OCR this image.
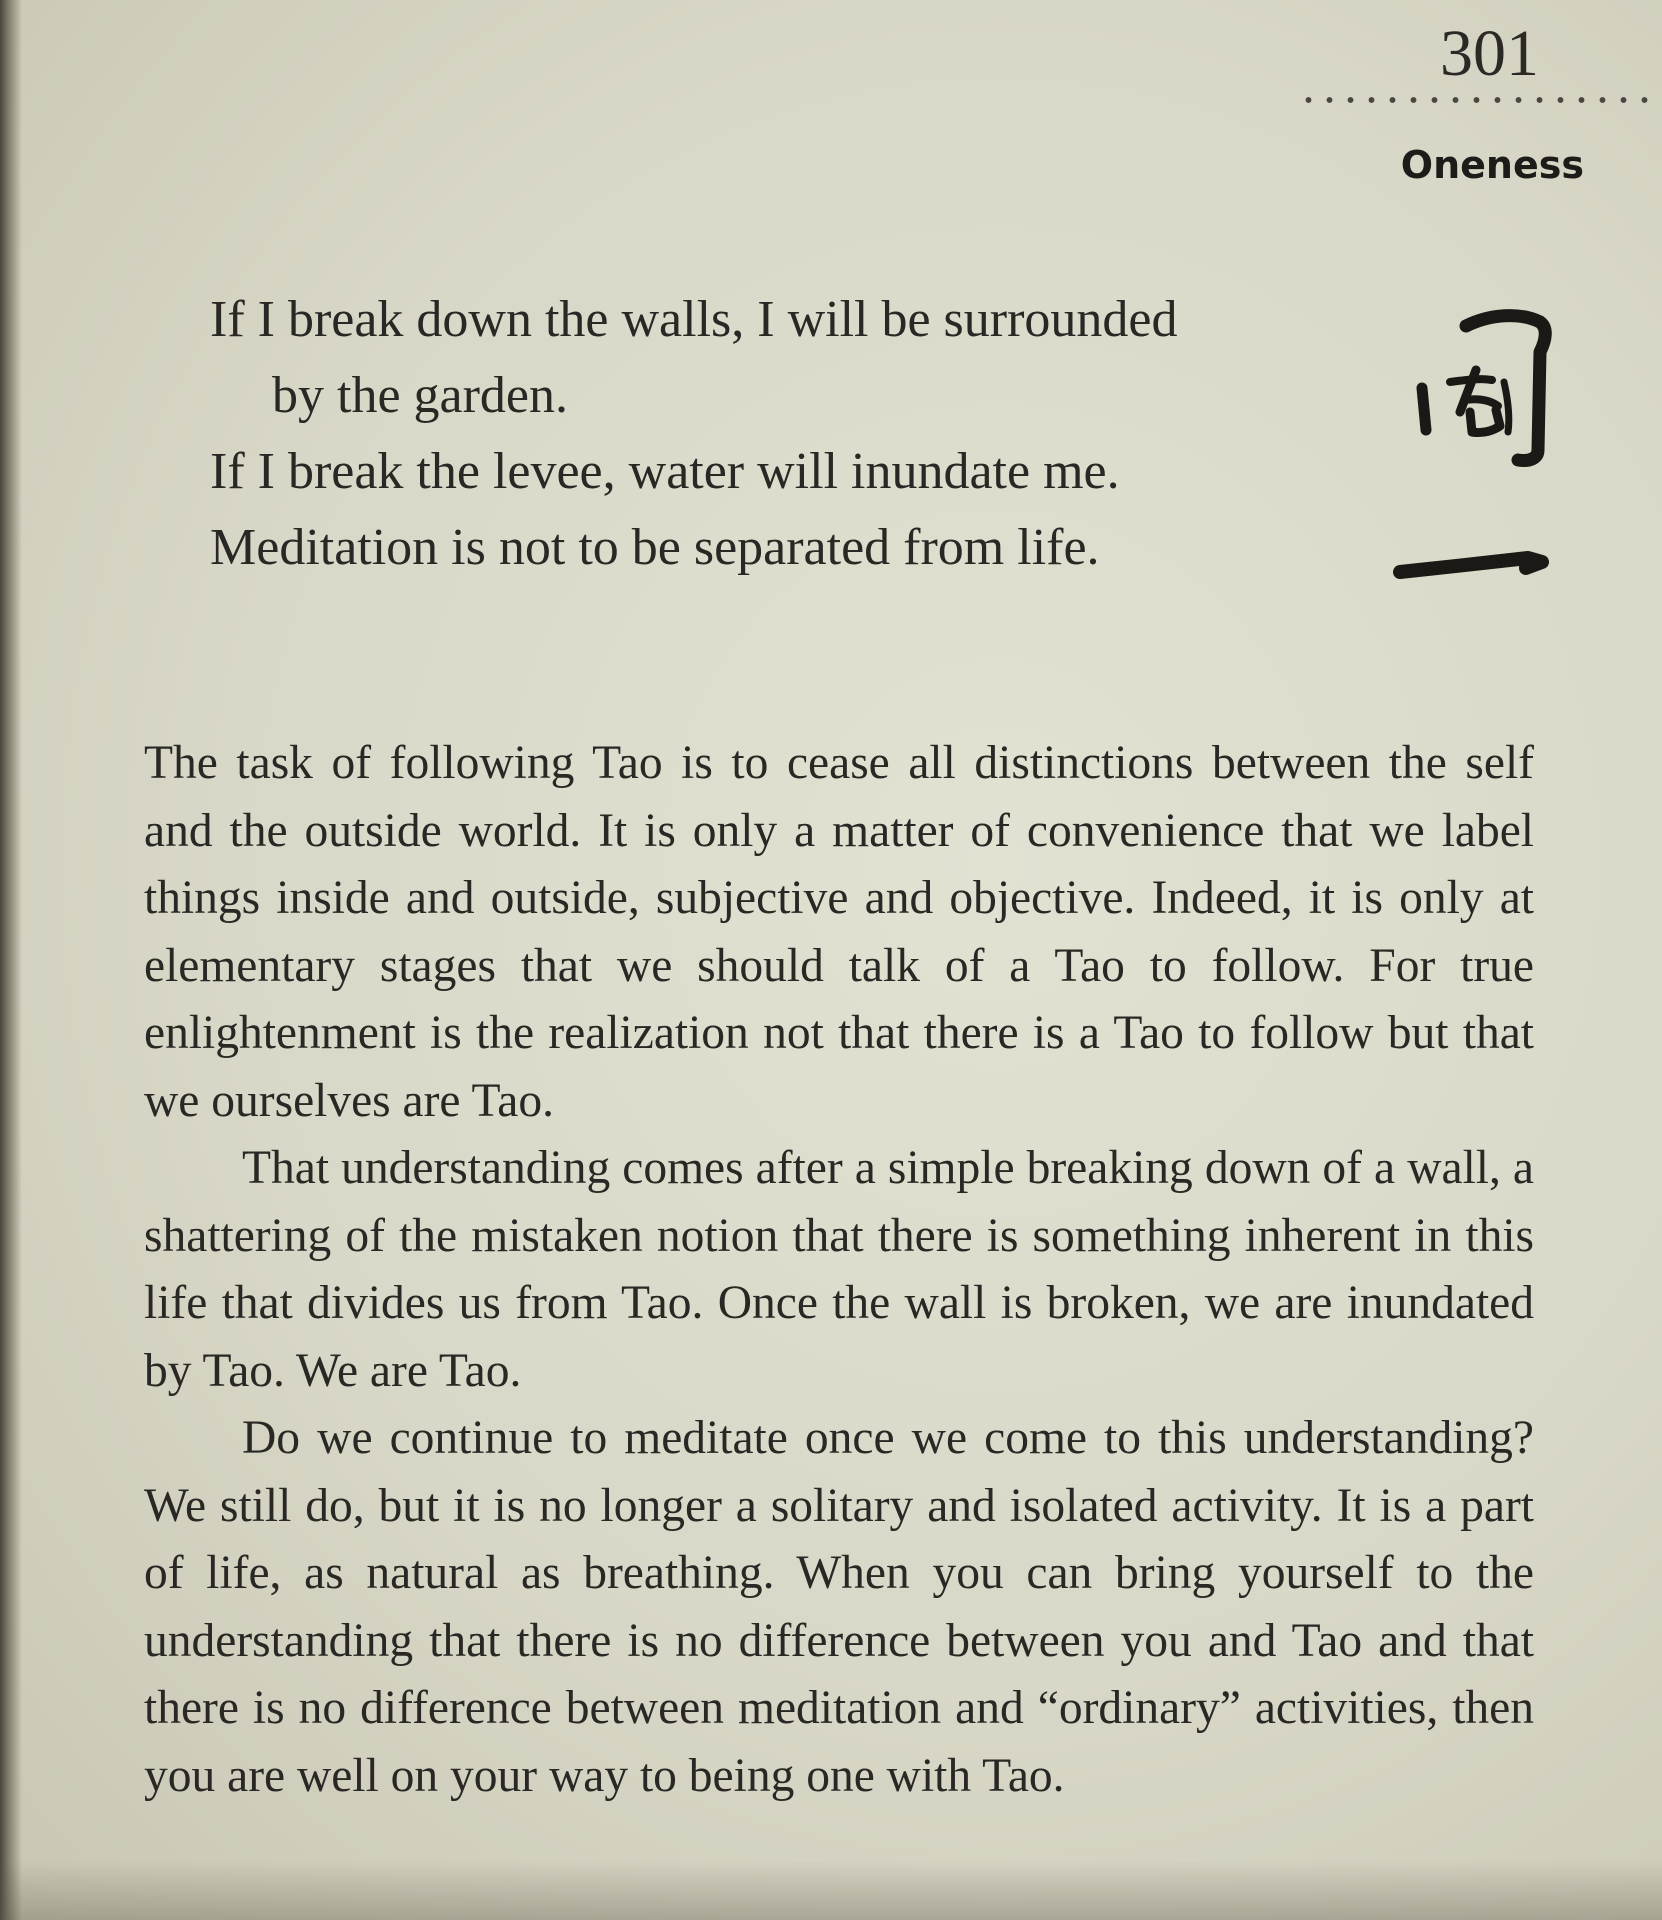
301
Oneness
If I break down the walls, I will be surrounded
by the garden.
If I break the levee, water will inundate me.
Meditation is not to be separated from life.

The task of following Tao is to cease all distinctions between the self and the outside world. It is only a matter of convenience that we label things inside and outside, subjective and objective. Indeed, it is only at elementary stages that we should talk of a Tao to follow. For true enlightenment is the realization not that there is a Tao to follow but that we ourselves are Tao.

That understanding comes after a simple breaking down of a wall, a shattering of the mistaken notion that there is something inherent in this life that divides us from Tao. Once the wall is broken, we are inundated by Tao. We are Tao.

Do we continue to meditate once we come to this understanding? We still do, but it is no longer a solitary and isolated activity. It is a part of life, as natural as breathing. When you can bring yourself to the understanding that there is no difference between you and Tao and that there is no difference between meditation and “ordinary” activities, then you are well on your way to being one with Tao.
